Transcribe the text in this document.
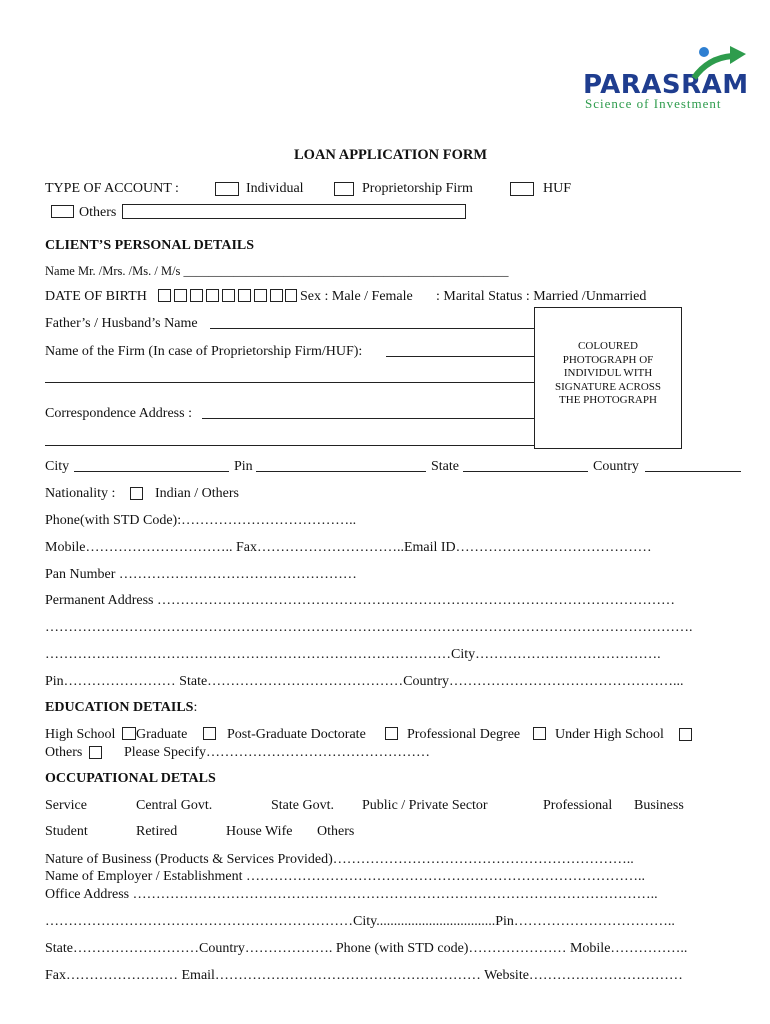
PARASRAM
Science of Investment
LOAN APPLICATION FORM
TYPE OF ACCOUNT :	Individual	Proprietorship Firm	HUF
Others
CLIENT’S PERSONAL DETAILS
Name Mr. /Mrs. /Ms. / M/s ____________________________________________________
DATE OF BIRTH	Sex : Male / Female : Marital Status : Married /Unmarried
Father’s / Husband’s Name
Name of the Firm (In case of Proprietorship Firm/HUF):
Correspondence Address :
COLOURED
PHOTOGRAPH OF
INDIVIDUL WITH
SIGNATURE ACROSS
THE PHOTOGRAPH
City	Pin	State	Country
Nationality :	Indian / Others
Phone(with STD Code):………………………………..
Mobile………………………….. Fax…………………………..Email ID……………………………………
Pan Number ……………………………………………
Permanent Address …………………………………………………………………………………………………
………………………………………………………………………………………………………………………….
……………………………………………………………………………City………………………………….
Pin…………………… State……………………………………Country…………………………………………...
EDUCATION DETAILS:
High School Graduate	Post-Graduate Doctorate	Professional Degree Under High School
Others	Please Specify…………………………………………
OCCUPATIONAL DETALS
Service	Central Govt.	State Govt. Public / Private Sector	Professional Business
Student	Retired	House Wife Others
Nature of Business (Products & Services Provided)………………………………………………………..
Name of Employer / Establishment …………………………………………………………………………..
Office Address …………………………………………………………………………………………………..
…………………………………………………………City..................................Pin……………………………..
State………………………Country………………. Phone (with STD code)………………… Mobile……………..
Fax…………………… Email………………………………………………… Website……………………………
